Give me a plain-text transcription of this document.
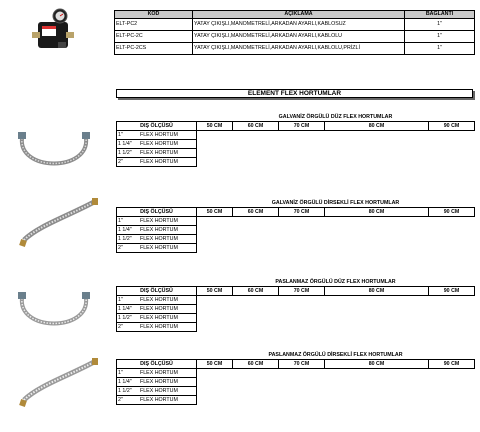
KOD	AÇIKLAMA	BAĞLANTI
ELT-PC2	YATAY ÇIKIŞLI,MANOMETRELİ,ARKADAN AYARLI,KABLOSUZ	1"
ELT-PC-2C	YATAY ÇIKIŞLI,MANOMETRELİ,ARKADAN AYARLI,KABLOLU	1"
ELT-PC-2CS	YATAY ÇIKIŞLI,MANOMETRELİ,ARKADAN AYARLI,KABLOLU,PRİZLİ	1"
ELEMENT FLEX HORTUMLAR
	GALVANİZ ÖRGÜLÜ DÜZ FLEX HORTUMLAR				
DIŞ ÖLÇÜSÜ	50 CM	60 CM	70 CM	80 CM	90 CM
1" FLEX HORTUM					
1 1/4" FLEX HORTUM					
1 1/2" FLEX HORTUM					
2" FLEX HORTUM					
	GALVANİZ ÖRGÜLÜ DİRSEKLİ FLEX HORTUMLAR				
DIŞ ÖLÇÜSÜ	50 CM	60 CM	70 CM	80 CM	90 CM
1" FLEX HORTUM					
1 1/4" FLEX HORTUM					
1 1/2" FLEX HORTUM					
2" FLEX HORTUM					
	PASLANMAZ ÖRGÜLÜ DÜZ FLEX HORTUMLAR				
DIŞ ÖLÇÜSÜ	50 CM	60 CM	70 CM	80 CM	90 CM
1" FLEX HORTUM					
1 1/4" FLEX HORTUM					
1 1/2" FLEX HORTUM					
2" FLEX HORTUM					
	PASLANMAZ ÖRGÜLÜ DİRSEKLİ FLEX HORTUMLAR				
DIŞ ÖLÇÜSÜ	50 CM	60 CM	70 CM	80 CM	90 CM
1" FLEX HORTUM					
1 1/4" FLEX HORTUM					
1 1/2" FLEX HORTUM					
2" FLEX HORTUM					
